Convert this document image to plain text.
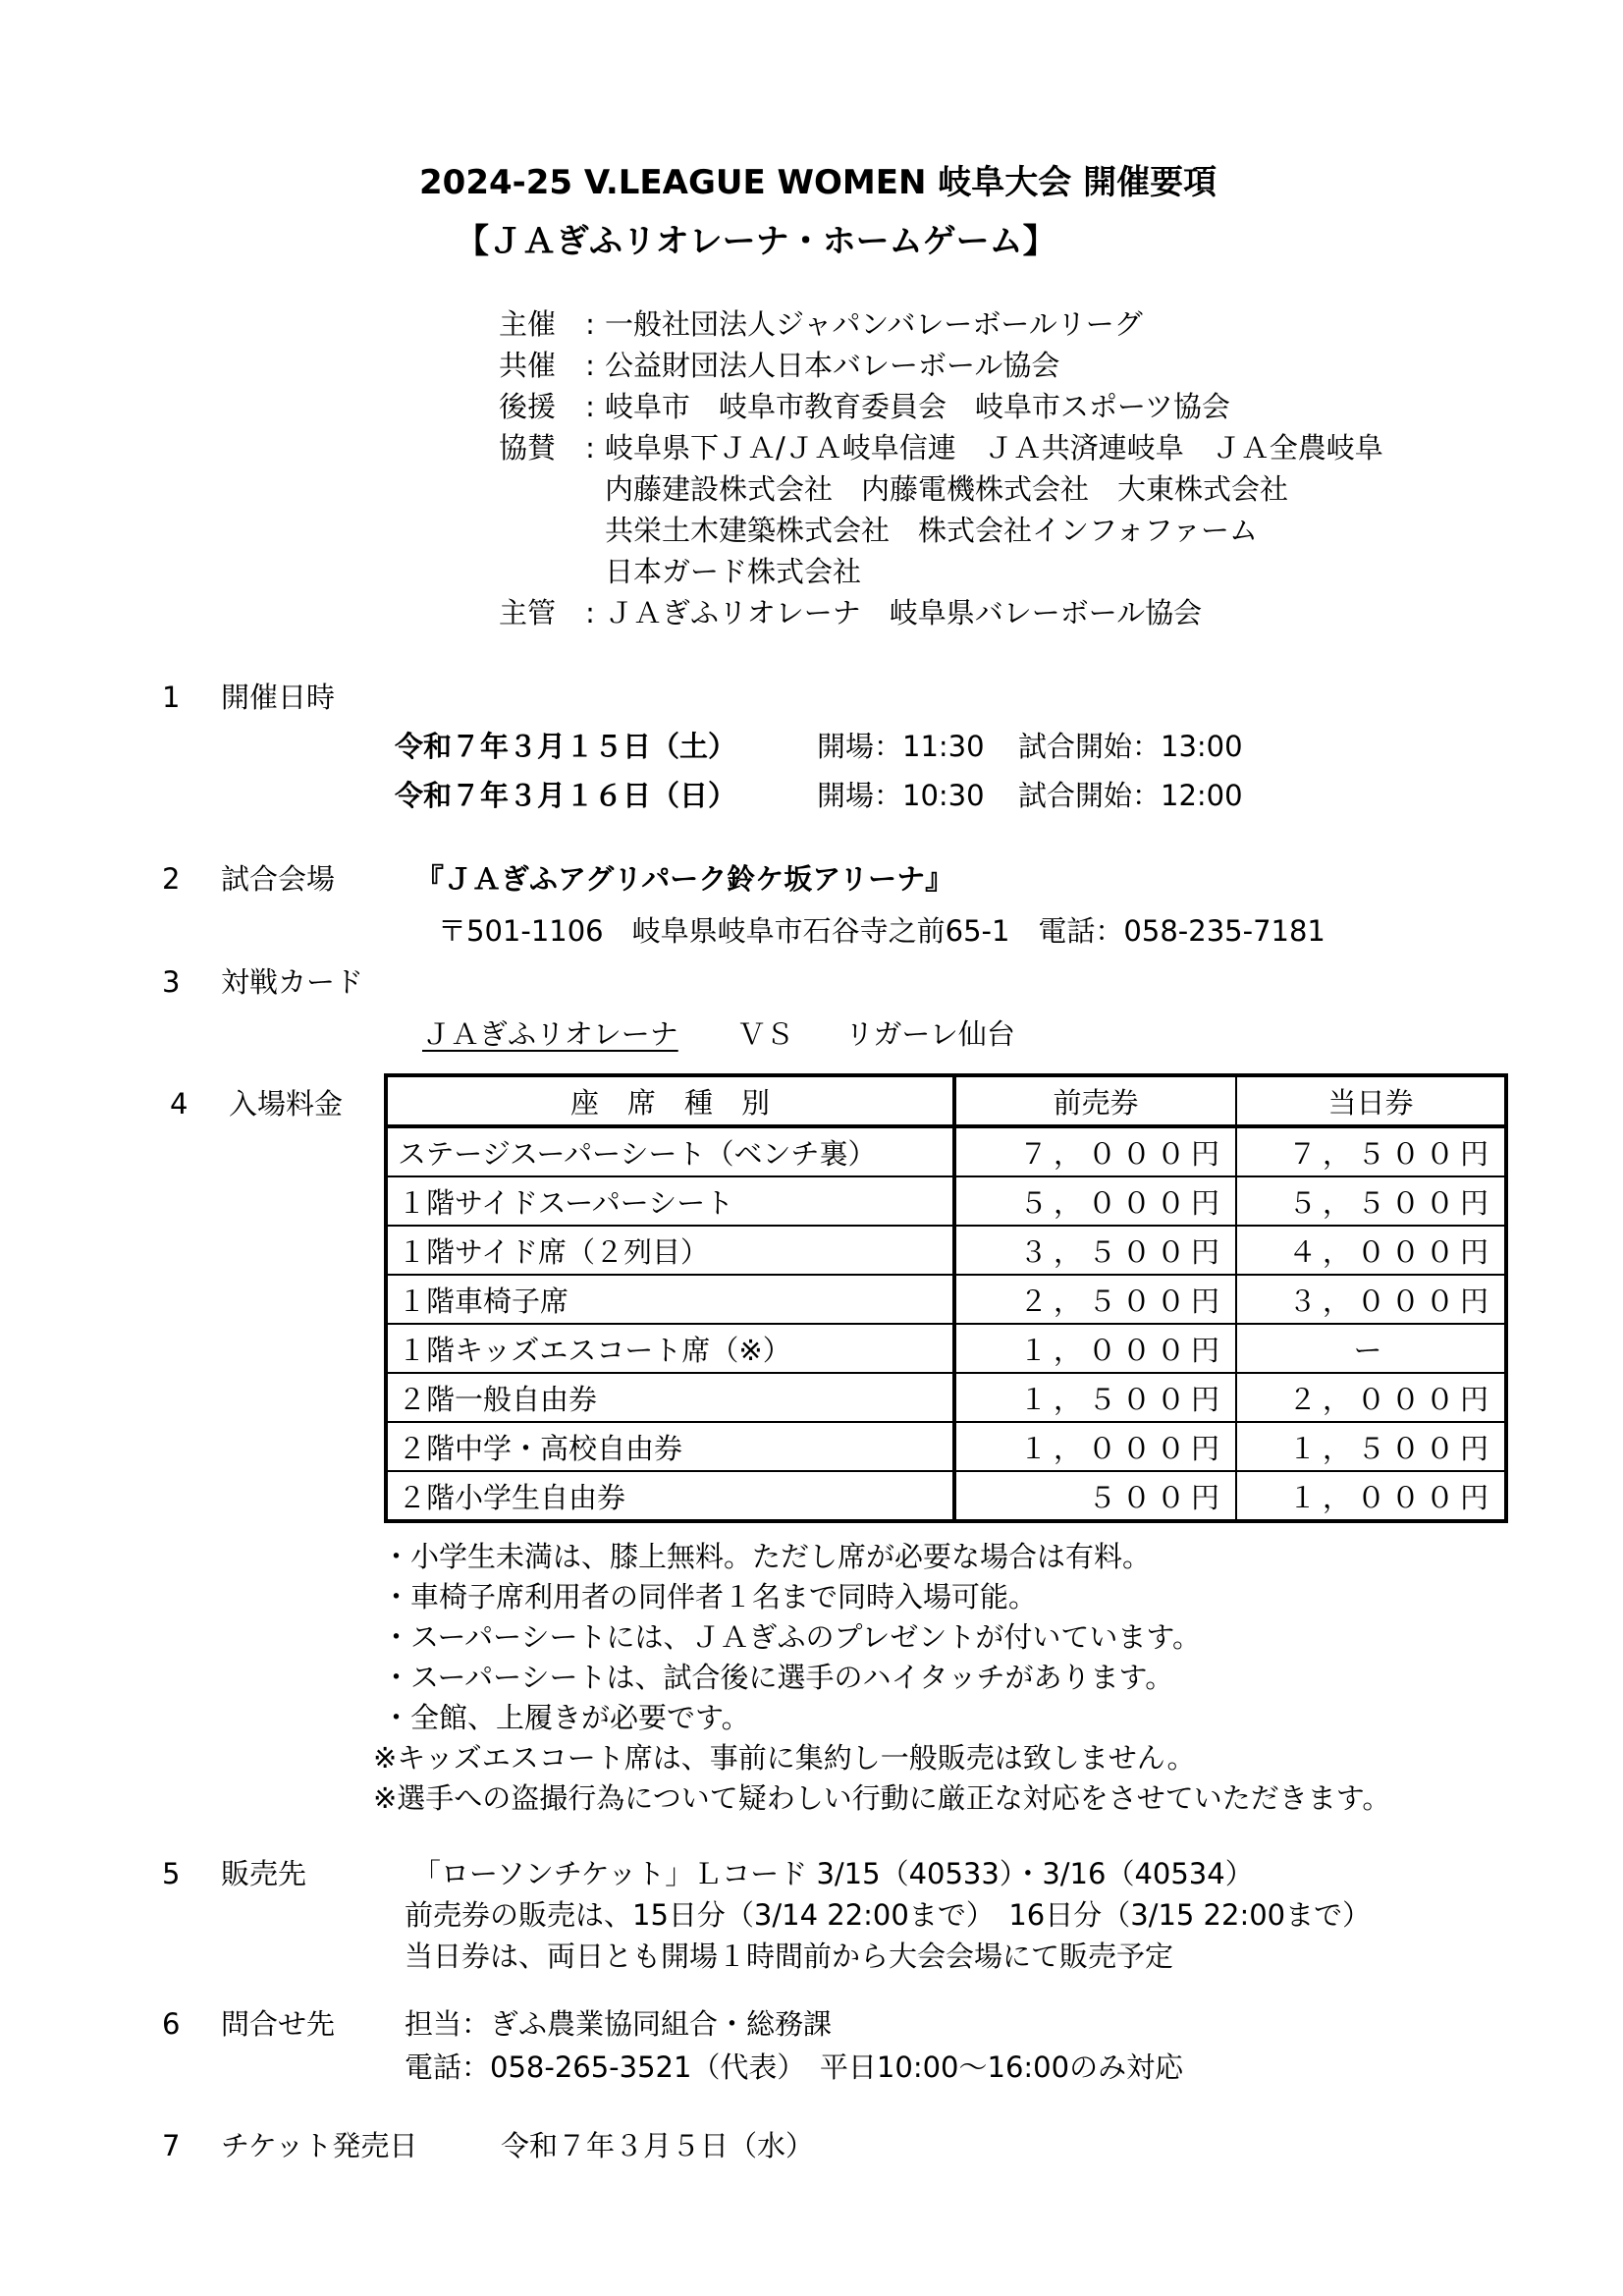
2024-25 V.LEAGUE WOMEN 岐阜大会 開催要項
【ＪＡぎふリオレーナ・ホームゲーム】
主催 : 一般社団法人ジャパンバレーボールリーグ
共催 : 公益財団法人日本バレーボール協会
後援 : 岐阜市　岐阜市教育委員会　岐阜市スポーツ協会
協賛 : 岐阜県下ＪＡ/ＪＡ岐阜信連　ＪＡ共済連岐阜　ＪＡ全農岐阜
内藤建設株式会社　内藤電機株式会社　大東株式会社
共栄土木建築株式会社　株式会社インフォファーム
日本ガード株式会社
主管 : ＪＡぎふリオレーナ　岐阜県バレーボール協会
1 開催日時
令和７年３月１５日（土）	開場：11:30 試合開始：13:00
令和７年３月１６日（日）	開場：10:30 試合開始：12:00
2 試合会場	『ＪＡぎふアグリパーク鈴ケ坂アリーナ』
〒501-1106　岐阜県岐阜市石谷寺之前65-1　電話：058-235-7181
3 対戦カード
ＪＡぎふリオレーナ ＶＳ リガーレ仙台
4 入場料金	座　席　種　別	前売券	当日券
ステージスーパーシート（ベンチ裏）	７，０００円	７，５００円
１階サイドスーパーシート	５，０００円	５，５００円
１階サイド席（２列目）	３，５００円	４，０００円
１階車椅子席	２，５００円	３，０００円
１階キッズエスコート席（※）	１，０００円	ー
２階一般自由券	１，５００円	２，０００円
２階中学・高校自由券	１，０００円	１，５００円
２階小学生自由券	５００円	１，０００円
・小学生未満は、膝上無料。ただし席が必要な場合は有料。
・車椅子席利用者の同伴者１名まで同時入場可能。
・スーパーシートには、ＪＡぎふのプレゼントが付いています。
・スーパーシートは、試合後に選手のハイタッチがあります。
・全館、上履きが必要です。
※キッズエスコート席は、事前に集約し一般販売は致しません。
※選手への盗撮行為について疑わしい行動に厳正な対応をさせていただきます。
5 販売先	「ローソンチケット」Ｌコード 3/15（40533）・3/16（40534）
前売券の販売は、15日分（3/14 22:00まで）　16日分（3/15 22:00まで）
当日券は、両日とも開場１時間前から大会会場にて販売予定
6 問合せ先 担当：ぎふ農業協同組合・総務課
電話：058-265-3521（代表）　平日10:00～16:00のみ対応
7 チケット発売日	令和７年３月５日（水）
